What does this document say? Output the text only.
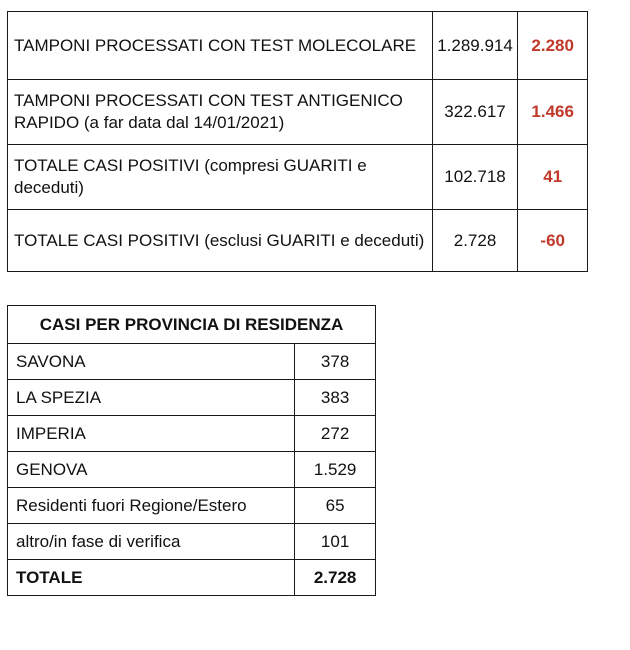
TAMPONI PROCESSATI CON TEST MOLECOLARE	1.289.914	2.280
TAMPONI PROCESSATI CON TEST ANTIGENICO RAPIDO (a far data dal 14/01/2021)	322.617	1.466
TOTALE CASI POSITIVI (compresi GUARITI e deceduti)	102.718	41
TOTALE CASI POSITIVI (esclusi GUARITI e deceduti)	2.728	-60
CASI PER PROVINCIA DI RESIDENZA	
SAVONA	378
LA SPEZIA	383
IMPERIA	272
GENOVA	1.529
Residenti fuori Regione/Estero	65
altro/in fase di verifica	101
TOTALE	2.728
